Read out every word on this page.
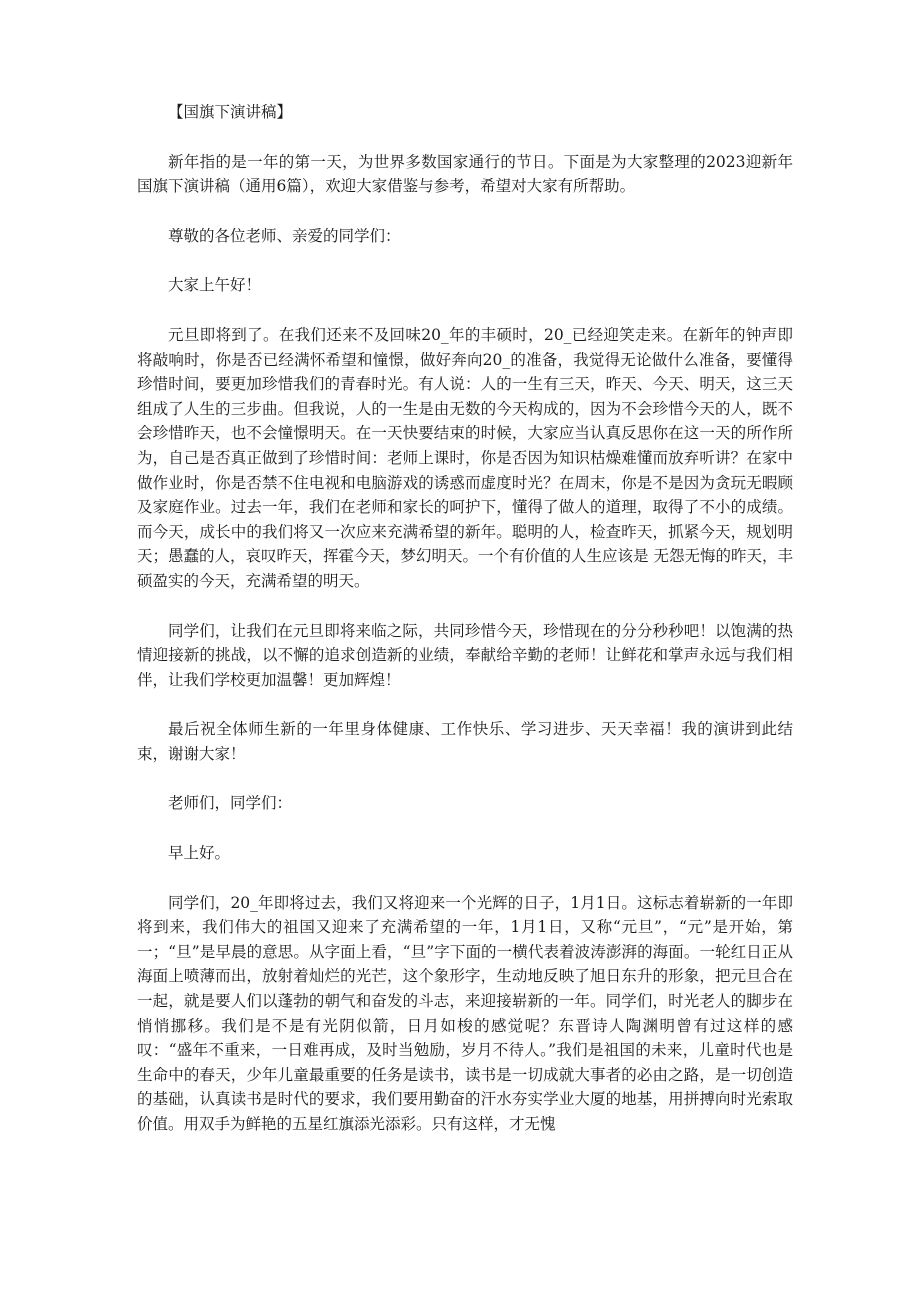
【国旗下演讲稿】

新年指的是一年的第一天，为世界多数国家通行的节日。下面是为大家整理的2023迎新年国旗下演讲稿（通用6篇），欢迎大家借鉴与参考，希望对大家有所帮助。

尊敬的各位老师、亲爱的同学们：

大家上午好！

元旦即将到了。在我们还来不及回味20_年的丰硕时，20_已经迎笑走来。在新年的钟声即将敲响时，你是否已经满怀希望和憧憬，做好奔向20_的准备，我觉得无论做什么准备，要懂得珍惜时间，要更加珍惜我们的青春时光。有人说：人的一生有三天，昨天、今天、明天，这三天组成了人生的三步曲。但我说，人的一生是由无数的今天构成的，因为不会珍惜今天的人，既不会珍惜昨天，也不会憧憬明天。在一天快要结束的时候，大家应当认真反思你在这一天的所作所为，自己是否真正做到了珍惜时间：老师上课时，你是否因为知识枯燥难懂而放弃听讲？在家中做作业时，你是否禁不住电视和电脑游戏的诱惑而虚度时光？在周末，你是不是因为贪玩无暇顾及家庭作业。过去一年，我们在老师和家长的呵护下，懂得了做人的道理，取得了不小的成绩。而今天，成长中的我们将又一次应来充满希望的新年。聪明的人，检查昨天，抓紧今天，规划明天；愚蠢的人，哀叹昨天，挥霍今天，梦幻明天。一个有价值的人生应该是 无怨无悔的昨天，丰硕盈实的今天，充满希望的明天。

同学们，让我们在元旦即将来临之际，共同珍惜今天，珍惜现在的分分秒秒吧！以饱满的热情迎接新的挑战，以不懈的追求创造新的业绩，奉献给辛勤的老师！让鲜花和掌声永远与我们相伴，让我们学校更加温馨！更加辉煌！

最后祝全体师生新的一年里身体健康、工作快乐、学习进步、天天幸福！我的演讲到此结束，谢谢大家！

老师们，同学们：

早上好。

同学们，20_年即将过去，我们又将迎来一个光辉的日子，1月1日。这标志着崭新的一年即将到来，我们伟大的祖国又迎来了充满希望的一年，1月1日，又称“元旦”，“元”是开始，第一；“旦”是早晨的意思。从字面上看，“旦”字下面的一横代表着波涛澎湃的海面。一轮红日正从海面上喷薄而出，放射着灿烂的光芒，这个象形字，生动地反映了旭日东升的形象，把元旦合在一起，就是要人们以蓬勃的朝气和奋发的斗志，来迎接崭新的一年。同学们，时光老人的脚步在悄悄挪移。我们是不是有光阴似箭，日月如梭的感觉呢？东晋诗人陶渊明曾有过这样的感叹：“盛年不重来，一日难再成，及时当勉励，岁月不待人。”我们是祖国的未来，儿童时代也是生命中的春天，少年儿童最重要的任务是读书，读书是一切成就大事者的必由之路，是一切创造的基础，认真读书是时代的要求，我们要用勤奋的汗水夯实学业大厦的地基，用拼搏向时光索取价值。用双手为鲜艳的五星红旗添光添彩。只有这样，才无愧
